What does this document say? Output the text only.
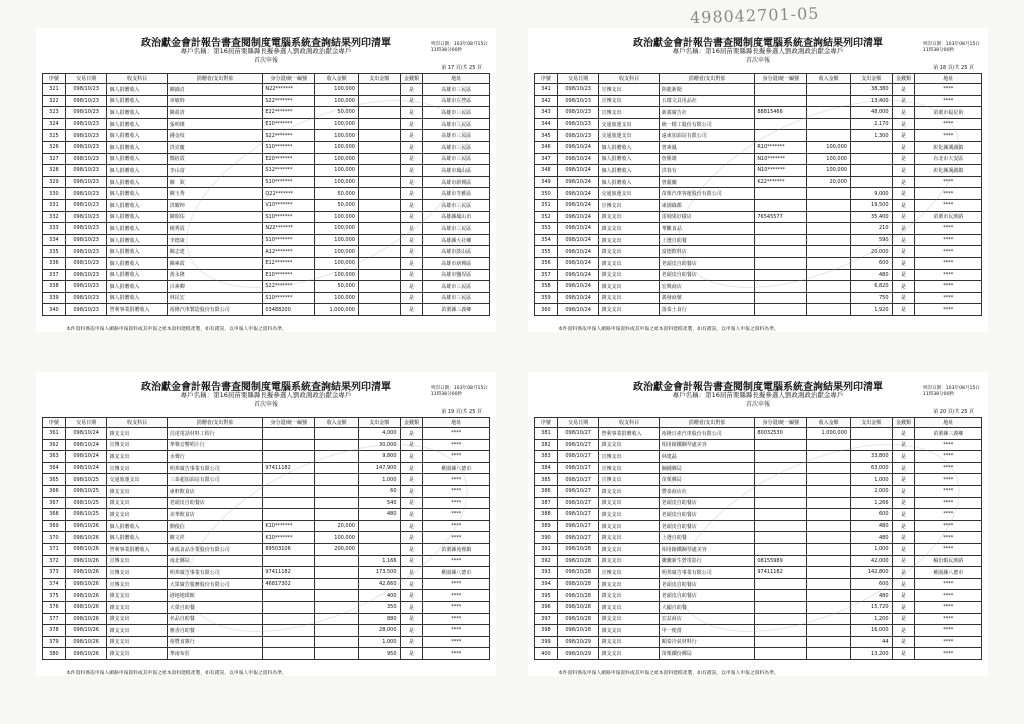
498042701-05
政治獻金會計報告書查閱制度電腦系統查詢結果列印清單
專戶名稱：第16屆苗栗縣縣長擬參選人劉政鴻政治獻金專戶
首次申報
列印日期：103年08月15日
11時38分00秒
第 17 頁/共 25 頁
序號	交易日期	收支科目	捐贈者/支出對象	身分證/統一編號	收入金額	支出金額	金錢類	地址
321	098/10/23	個人捐贈收入	陳錦貞	N22*******	100,000		是	高雄市三民區
322	098/10/23	個人捐贈收入	章敏時	S22*******	100,000		是	高雄市左營區
323	098/10/23	個人捐贈收入	陳盈清	E22*******	50,000		是	高雄市三民區
324	098/10/23	個人捐贈收入	張明瑾	E10*******	100,000		是	高雄市三民區
325	098/10/23	個人捐贈收入	鍾金枝	S22*******	100,000		是	高雄市三民區
326	098/10/23	個人捐贈收入	洪克慶	S10*******	100,000		是	高雄市三民區
327	098/10/23	個人捐贈收入	鄭宿霞	E20*******	100,000		是	高雄市三民區
328	098/10/23	個人捐贈收入	李山富	S12*******	100,000		是	高雄市鳳山區
329	098/10/23	個人捐贈收入	陳　欽	S10*******	100,000		是	高雄市新興區
330	098/10/23	個人捐贈收入	陳玉秀	Q22*******	50,000		是	高雄市苓雅區
331	098/10/23	個人捐贈收入	洪曜坤	V10*******	50,000		是	高雄市三民區
332	098/10/23	個人捐贈收入	陳昭佑	S10*******	100,000		是	高雄縣鳳山市
333	098/10/23	個人捐贈收入	楊秀霞	N22*******	100,000		是	高雄市三民區
334	098/10/23	個人捐贈收入	李德康	S10*******	100,000		是	高雄縣大社鄉
335	098/10/23	個人捐贈收入	陳志建	A12*******	100,000		是	高雄市鼓山區
336	098/10/23	個人捐贈收入	陳素霞	E12*******	100,000		是	高雄市新興區
337	098/10/23	個人捐贈收入	黃永隆	E10*******	100,000		是	高雄市鹽埕區
338	098/10/23	個人捐贈收入	呂素卿	S22*******	50,000		是	高雄市三民區
339	098/10/23	個人捐贈收入	林昆宏	S10*******	100,000		是	高雄市三民區
340	098/10/23	營利事業捐贈收入	裕隆汽車製造股份有限公司	03488200	1,000,000		是	苗栗縣三義鄉
本件資料係依申報人網路申報資料或其申報之紙本資料建檔產製，如有錯誤，以申報人申報之資料為準。
政治獻金會計報告書查閱制度電腦系統查詢結果列印清單
專戶名稱：第16屆苗栗縣縣長擬參選人劉政鴻政治獻金專戶
首次申報
列印日期：103年08月15日
11時38分00秒
第 18 頁/共 25 頁
序號	交易日期	收支科目	捐贈者/支出對象	身分證/統一編號	收入金額	支出金額	金錢類	地址
341	098/10/23	宣傳支出	陸龍新聞			38,380	是	****
342	098/10/23	宣傳支出	五環文具用品社			13,400	是	****
343	098/10/23	宣傳支出	新義廣告社	88815466		48,000	是	苗栗市福星街
344	098/10/23	交通旅運支出	統一精工股份有限公司			2,170	是	****
345	098/10/23	交通旅運支出	遠東加油站有限公司			1,300	是	****
346	098/10/24	個人捐贈收入	曾素鳳	R10*******	100,000		是	彰化縣溪湖鎮
347	098/10/24	個人捐贈收入	詹勝雄	N10*******	100,000		是	台北市大安區
348	098/10/24	個人捐贈收入	洪春有	N10*******	100,000		是	彰化縣溪湖鎮
349	098/10/24	個人捐贈收入	曾麗蘭	K22*******	20,000		是	****
350	098/10/24	交通旅運支出	苗栗汽車客運股份有限公司			9,000	是	****
351	098/10/24	宣傳支出	東園綠都			19,500	是	****
352	098/10/24	雜支支出	雷埔果好樣店	76545577		35,400	是	苗栗市民族路
353	098/10/24	雜支支出	華觀食品			210	是	****
354	098/10/24	雜支支出	上選自助餐			590	是	****
355	098/10/24	雜支支出	富德飲料店			20,000	是	****
356	098/10/24	雜支支出	老頭皮自助餐店			600	是	****
357	098/10/24	雜支支出	老頭皮自助餐店			480	是	****
358	098/10/24	雜支支出	宏興商店			6,820	是	****
359	098/10/24	雜支支出	義發商號			750	是	****
360	098/10/24	雜支支出	落泰土食行			1,920	是	****
本件資料係依申報人網路申報資料或其申報之紙本資料建檔產製，如有錯誤，以申報人申報之資料為準。
政治獻金會計報告書查閱制度電腦系統查詢結果列印清單
專戶名稱：第16屆苗栗縣縣長擬參選人劉政鴻政治獻金專戶
首次申報
列印日期：103年08月15日
11時38分00秒
第 19 頁/共 25 頁
序號	交易日期	收支科目	捐贈者/支出對象	身分證/統一編號	收入金額	支出金額	金錢類	地址
361	098/10/24	雜支支出	昌達電話材料工程行			4,000	是	****
362	098/10/24	宣傳支出	華聲音響唱片行			30,000	是	****
363	098/10/24	雜支支出	水聲行			9,800	是	****
364	098/10/24	宣傳支出	明邦廣告事業有限公司	97411182		147,900	是	桃園縣八德市
365	098/10/25	交通旅運支出	三泰超加油站有限公司			1,000	是	****
366	098/10/25	雜支支出	東軒飲食店			60	是	****
367	098/10/25	雜支支出	老頭皮自助餐店			540	是	****
368	098/10/25	雜支支出	美華飲食店			480	是	****
369	098/10/26	個人捐贈收入	劉俊信	K10*******	20,000		是	****
370	098/10/26	個人捐贈收入	陳文祥	K10*******	100,000		是	****
371	098/10/26	營利事業捐贈收入	東福食品企業股份有限公司	89503106	200,000		是	苗栗縣苑裡鎮
372	098/10/26	宣傳支出	南北郵局			1,166	是	****
373	098/10/26	宣傳支出	明邦廣告事業有限公司	97411182		173,500	是	桃園縣八德市
374	098/10/26	宣傳支出	大眾廣告服務股份有限公司	46817302		42,660	是	****
375	098/10/26	雜支支出	港地地球館			400	是	****
376	098/10/26	雜支支出	大榮自助餐			350	是	****
377	098/10/26	雜支支出	名品自助餐			880	是	****
378	098/10/26	雜支支出	雅香自助餐			28,000	是	****
379	098/10/26	雜支支出	裕豐食雜行			1,000	是	****
380	098/10/26	雜支支出	華南布莊			950	是	****
本件資料係依申報人網路申報資料或其申報之紙本資料建檔產製，如有錯誤，以申報人申報之資料為準。
政治獻金會計報告書查閱制度電腦系統查詢結果列印清單
專戶名稱：第16屆苗栗縣縣長擬參選人劉政鴻政治獻金專戶
首次申報
列印日期：103年08月15日
11時38分00秒
第 20 頁/共 25 頁
序號	交易日期	收支科目	捐贈者/支出對象	身分證/統一編號	收入金額	支出金額	金錢類	地址
381	098/10/27	營利事業捐贈收入	裕隆日產汽車股份有限公司	80032530	1,000,000		是	苗栗縣三義鄉
382	098/10/27	雜支支出	相用鏡鐵鋼琴處美容				是	****
383	098/10/27	宣傳支出	林建磊			33,800	是	****
384	098/10/27	宣傳支出	鋼鍾郵局			63,000	是	****
385	098/10/27	宣傳支出	苗栗郵局			1,000	是	****
386	098/10/27	雜支支出	豐泰商店社			2,000	是	****
387	098/10/27	雜支支出	老頭皮自助餐店			1,266	是	****
388	098/10/27	雜支支出	老頭皮自助餐店			600	是	****
389	098/10/27	雜支支出	老頭皮自助餐店			480	是	****
390	098/10/27	雜支支出	上選自助餐			480	是	****
391	098/10/28	雜支支出	相用鏡鐵鋼琴處美容			1,000	是	****
392	098/10/28	雜支支出	騰騰新生營電影行	08155989		42,000	是	稿份鎮民族路
393	098/10/28	宣傳支出	明邦廣告事業有限公司	97411182		142,800	是	桃園縣八德市
394	098/10/28	雜支支出	老頭皮自助餐店			600	是	****
395	098/10/28	雜支支出	老頭皮自助餐店			480	是	****
396	098/10/28	雜支支出	大顯自助餐			15,720	是	****
397	098/10/28	雜支支出	宏益商店			1,200	是	****
398	098/10/28	雜支支出	甲一便當			16,000	是	****
399	098/10/29	雜支支出	順泰冷氣材料行			44	是	****
400	098/10/29	雜支支出	苗栗鐵份郵局			13,200	是	****
本件資料係依申報人網路申報資料或其申報之紙本資料建檔產製，如有錯誤，以申報人申報之資料為準。
